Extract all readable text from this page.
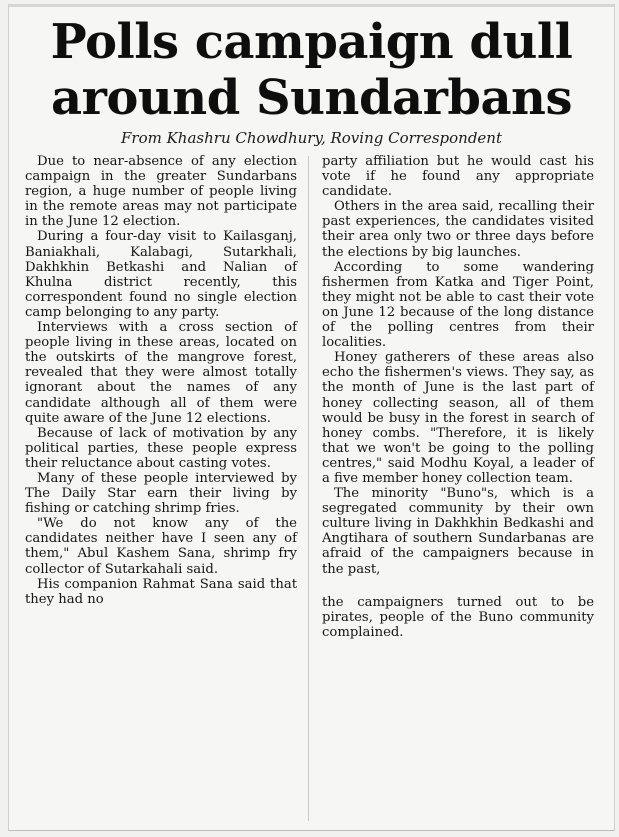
Polls campaign dull
around Sundarbans

From Khashru Chowdhury, Roving Correspondent

Due to near-absence of any election campaign in the greater Sundarbans region, a huge number of people living in the remote areas may not participate in the June 12 election.

During a four-day visit to Kailasganj, Baniakhali, Kalabagi, Sutarkhali, Dakhkhin Betkashi and Nalian of Khulna district recently, this correspondent found no single election camp belonging to any party.

Interviews with a cross section of people living in these areas, located on the outskirts of the mangrove forest, revealed that they were almost totally ignorant about the names of any candidate although all of them were quite aware of the June 12 elections.

Because of lack of motivation by any political parties, these people express their reluctance about casting votes.

Many of these people interviewed by The Daily Star earn their living by fishing or catching shrimp fries.

"We do not know any of the candidates neither have I seen any of them," Abul Kashem Sana, shrimp fry collector of Sutarkahali said.

His companion Rahmat Sana said that they had no

party affiliation but he would cast his vote if he found any appropriate candidate.

Others in the area said, recalling their past experiences, the candidates visited their area only two or three days before the elections by big launches.

According to some wandering fishermen from Katka and Tiger Point, they might not be able to cast their vote on June 12 because of the long distance of the polling centres from their localities.

Honey gatherers of these areas also echo the fishermen's views. They say, as the month of June is the last part of honey collecting season, all of them would be busy in the forest in search of honey combs. "Therefore, it is likely that we won't be going to the polling centres," said Modhu Koyal, a leader of a five member honey collection team.

The minority "Buno"s, which is a segregated community by their own culture living in Dakhkhin Bedkashi and Angtihara of southern Sundarbanas are afraid of the campaigners because in the past,

the campaigners turned out to be pirates, people of the Buno community complained.
